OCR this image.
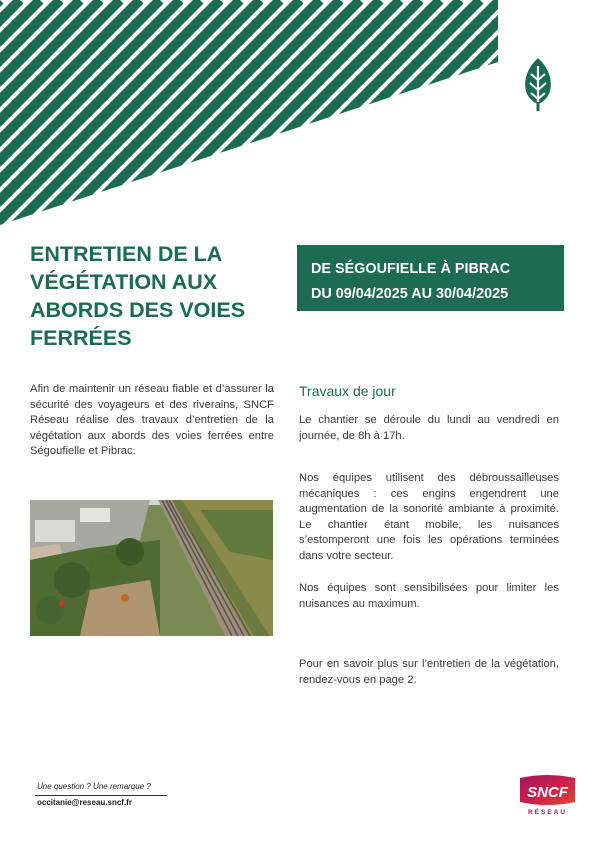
ENTRETIEN DE LA
VÉGÉTATION AUX
ABORDS DES VOIES
FERRÉES
DE SÉGOUFIELLE À PIBRAC
DU 09/04/2025 AU 30/04/2025

Afin de maintenir un réseau fiable et d’assurer la sécurité des voyageurs et des riverains, SNCF Réseau réalise des travaux d’entretien de la végétation aux abords des voies ferrées entre Ségoufielle et Pibrac.

Travaux de jour

Le chantier se déroule du lundi au vendredi en journée, de 8h à 17h.

Nos équipes utilisent des débroussailleuses mécaniques : ces engins engendrent une augmentation de la sonorité ambiante à proximité. Le chantier étant mobile, les nuisances s’estomperont une fois les opérations terminées dans votre secteur.

Nos équipes sont sensibilisées pour limiter les nuisances au maximum.

Pour en savoir plus sur l’entretien de la végétation, rendez-vous en page 2.

Une question ? Une remarque ?
occitanie@reseau.sncf.fr
SNCF
RÉSEAU
